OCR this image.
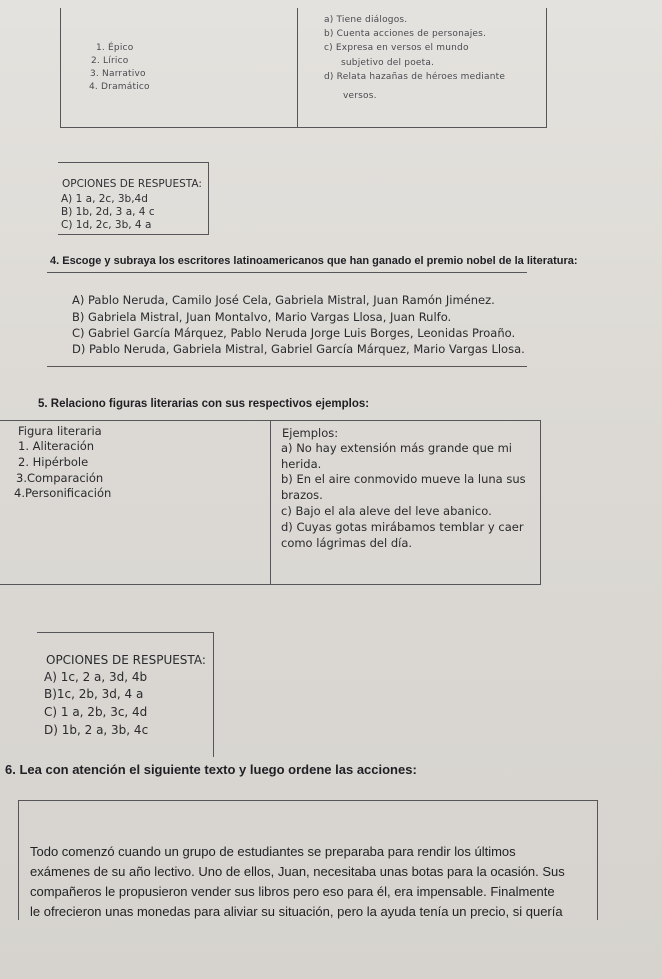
1. Épico
2. Lírico
3. Narrativo
4. Dramático
a) Tiene diálogos.
b) Cuenta acciones de personajes.
c) Expresa en versos el mundo
subjetivo del poeta.
d) Relata hazañas de héroes mediante
versos.
OPCIONES DE RESPUESTA:
A) 1 a, 2c, 3b,4d
B) 1b, 2d, 3 a, 4 c
C) 1d, 2c, 3b, 4 a
4. Escoge y subraya los escritores latinoamericanos que han ganado el premio nobel de la literatura:
A) Pablo Neruda, Camilo José Cela, Gabriela Mistral, Juan Ramón Jiménez.
B) Gabriela Mistral, Juan Montalvo, Mario Vargas Llosa, Juan Rulfo.
C) Gabriel García Márquez, Pablo Neruda Jorge Luis Borges, Leonidas Proaño.
D) Pablo Neruda, Gabriela Mistral, Gabriel García Márquez, Mario Vargas Llosa.
5. Relaciono figuras literarias con sus respectivos ejemplos:
Figura literaria
1. Aliteración
2. Hipérbole
3.Comparación
4.Personificación
Ejemplos:
a) No hay extensión más grande que mi
herida.
b) En el aire conmovido mueve la luna sus
brazos.
c) Bajo el ala aleve del leve abanico.
d) Cuyas gotas mirábamos temblar y caer
como lágrimas del día.
OPCIONES DE RESPUESTA:
A) 1c, 2 a, 3d, 4b
B)1c, 2b, 3d, 4 a
C) 1 a, 2b, 3c, 4d
D) 1b, 2 a, 3b, 4c
6. Lea con atención el siguiente texto y luego ordene las acciones:
Todo comenzó cuando un grupo de estudiantes se preparaba para rendir los últimos
exámenes de su año lectivo. Uno de ellos, Juan, necesitaba unas botas para la ocasión. Sus
compañeros le propusieron vender sus libros pero eso para él, era impensable. Finalmente
le ofrecieron unas monedas para aliviar su situación, pero la ayuda tenía un precio, si quería
